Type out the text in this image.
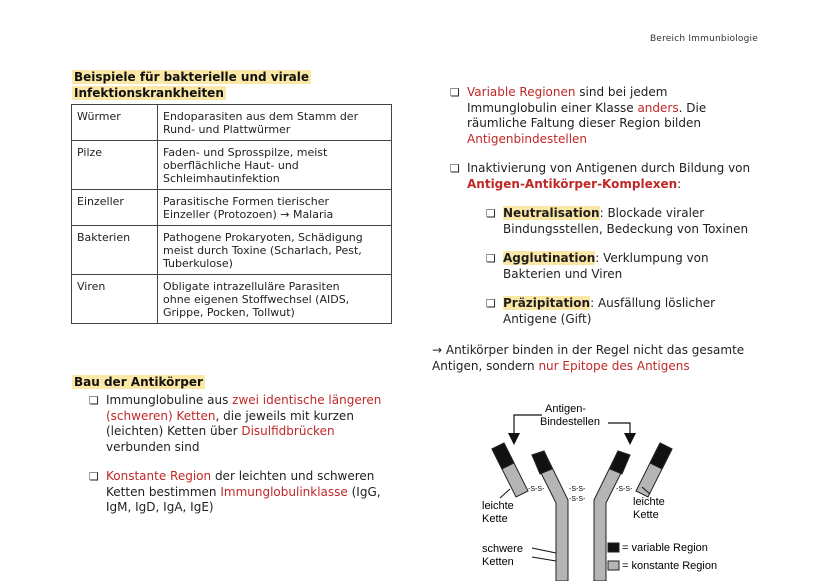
Bereich Immunbiologie
Beispiele für bakterielle und virale
Infektionskrankheiten
Würmer	Endoparasiten aus dem Stamm der
Rund- und Plattwürmer

Pilze	Faden- und Sprosspilze, meist
oberflächliche Haut- und
Schleimhautinfektion

Einzeller	Parasitische Formen tierischer
Einzeller (Protozoen) → Malaria

Bakterien	Pathogene Prokaryoten, Schädigung
meist durch Toxine (Scharlach, Pest,
Tuberkulose)

Viren	Obligate intrazelluläre Parasiten
ohne eigenen Stoffwechsel (AIDS,
Grippe, Pocken, Tollwut)
Bau der Antikörper
❏ Immunglobuline aus zwei identische längeren
(schweren) Ketten, die jeweils mit kurzen
(leichten) Ketten über Disulfidbrücken
verbunden sind
❏ Konstante Region der leichten und schweren
Ketten bestimmen Immunglobulinklasse (IgG,
IgM, IgD, IgA, IgE)
❏ Variable Regionen sind bei jedem
Immunglobulin einer Klasse anders. Die
räumliche Faltung dieser Region bilden
Antigenbindestellen
❏ Inaktivierung von Antigenen durch Bildung von
Antigen-Antikörper-Komplexen:
❏ Neutralisation: Blockade viraler
Bindungsstellen, Bedeckung von Toxinen
❏ Agglutination: Verklumpung von
Bakterien und Viren
❏ Präzipitation: Ausfällung löslicher
Antigene (Gift)
→ Antikörper binden in der Regel nicht das gesamte
Antigen, sondern nur Epitope des Antigens
-S-S-	-S-S-
-S-S-
-S-S-
Antigen-
Bindestellen
leichte
Kette
leichte
Kette
schwere
Ketten
= variable Region
= konstante Region
